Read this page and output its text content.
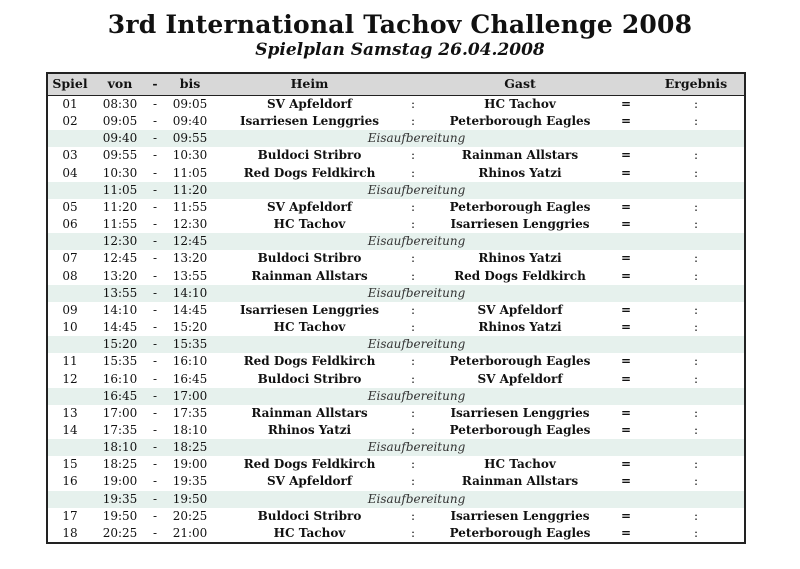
3rd International Tachov Challenge 2008
Spielplan Samstag 26.04.2008
Spiel	von	-	bis	Heim	Gast	Ergebnis
01	08:30	-	09:05	SV Apfeldorf	:	HC Tachov	=	:
02	09:05	-	09:40	Isarriesen Lenggries	:	Peterborough Eagles	=	:
09:40	-	09:55	Eisaufbereitung
03	09:55	-	10:30	Buldoci Stribro	:	Rainman Allstars	=	:
04	10:30	-	11:05	Red Dogs Feldkirch	:	Rhinos Yatzi	=	:
11:05	-	11:20	Eisaufbereitung
05	11:20	-	11:55	SV Apfeldorf	:	Peterborough Eagles	=	:
06	11:55	-	12:30	HC Tachov	:	Isarriesen Lenggries	=	:
12:30	-	12:45	Eisaufbereitung
07	12:45	-	13:20	Buldoci Stribro	:	Rhinos Yatzi	=	:
08	13:20	-	13:55	Rainman Allstars	:	Red Dogs Feldkirch	=	:
13:55	-	14:10	Eisaufbereitung
09	14:10	-	14:45	Isarriesen Lenggries	:	SV Apfeldorf	=	:
10	14:45	-	15:20	HC Tachov	:	Rhinos Yatzi	=	:
15:20	-	15:35	Eisaufbereitung
11	15:35	-	16:10	Red Dogs Feldkirch	:	Peterborough Eagles	=	:
12	16:10	-	16:45	Buldoci Stribro	:	SV Apfeldorf	=	:
16:45	-	17:00	Eisaufbereitung
13	17:00	-	17:35	Rainman Allstars	:	Isarriesen Lenggries	=	:
14	17:35	-	18:10	Rhinos Yatzi	:	Peterborough Eagles	=	:
18:10	-	18:25	Eisaufbereitung
15	18:25	-	19:00	Red Dogs Feldkirch	:	HC Tachov	=	:
16	19:00	-	19:35	SV Apfeldorf	:	Rainman Allstars	=	:
19:35	-	19:50	Eisaufbereitung
17	19:50	-	20:25	Buldoci Stribro	:	Isarriesen Lenggries	=	:
18	20:25	-	21:00	HC Tachov	:	Peterborough Eagles	=	:
